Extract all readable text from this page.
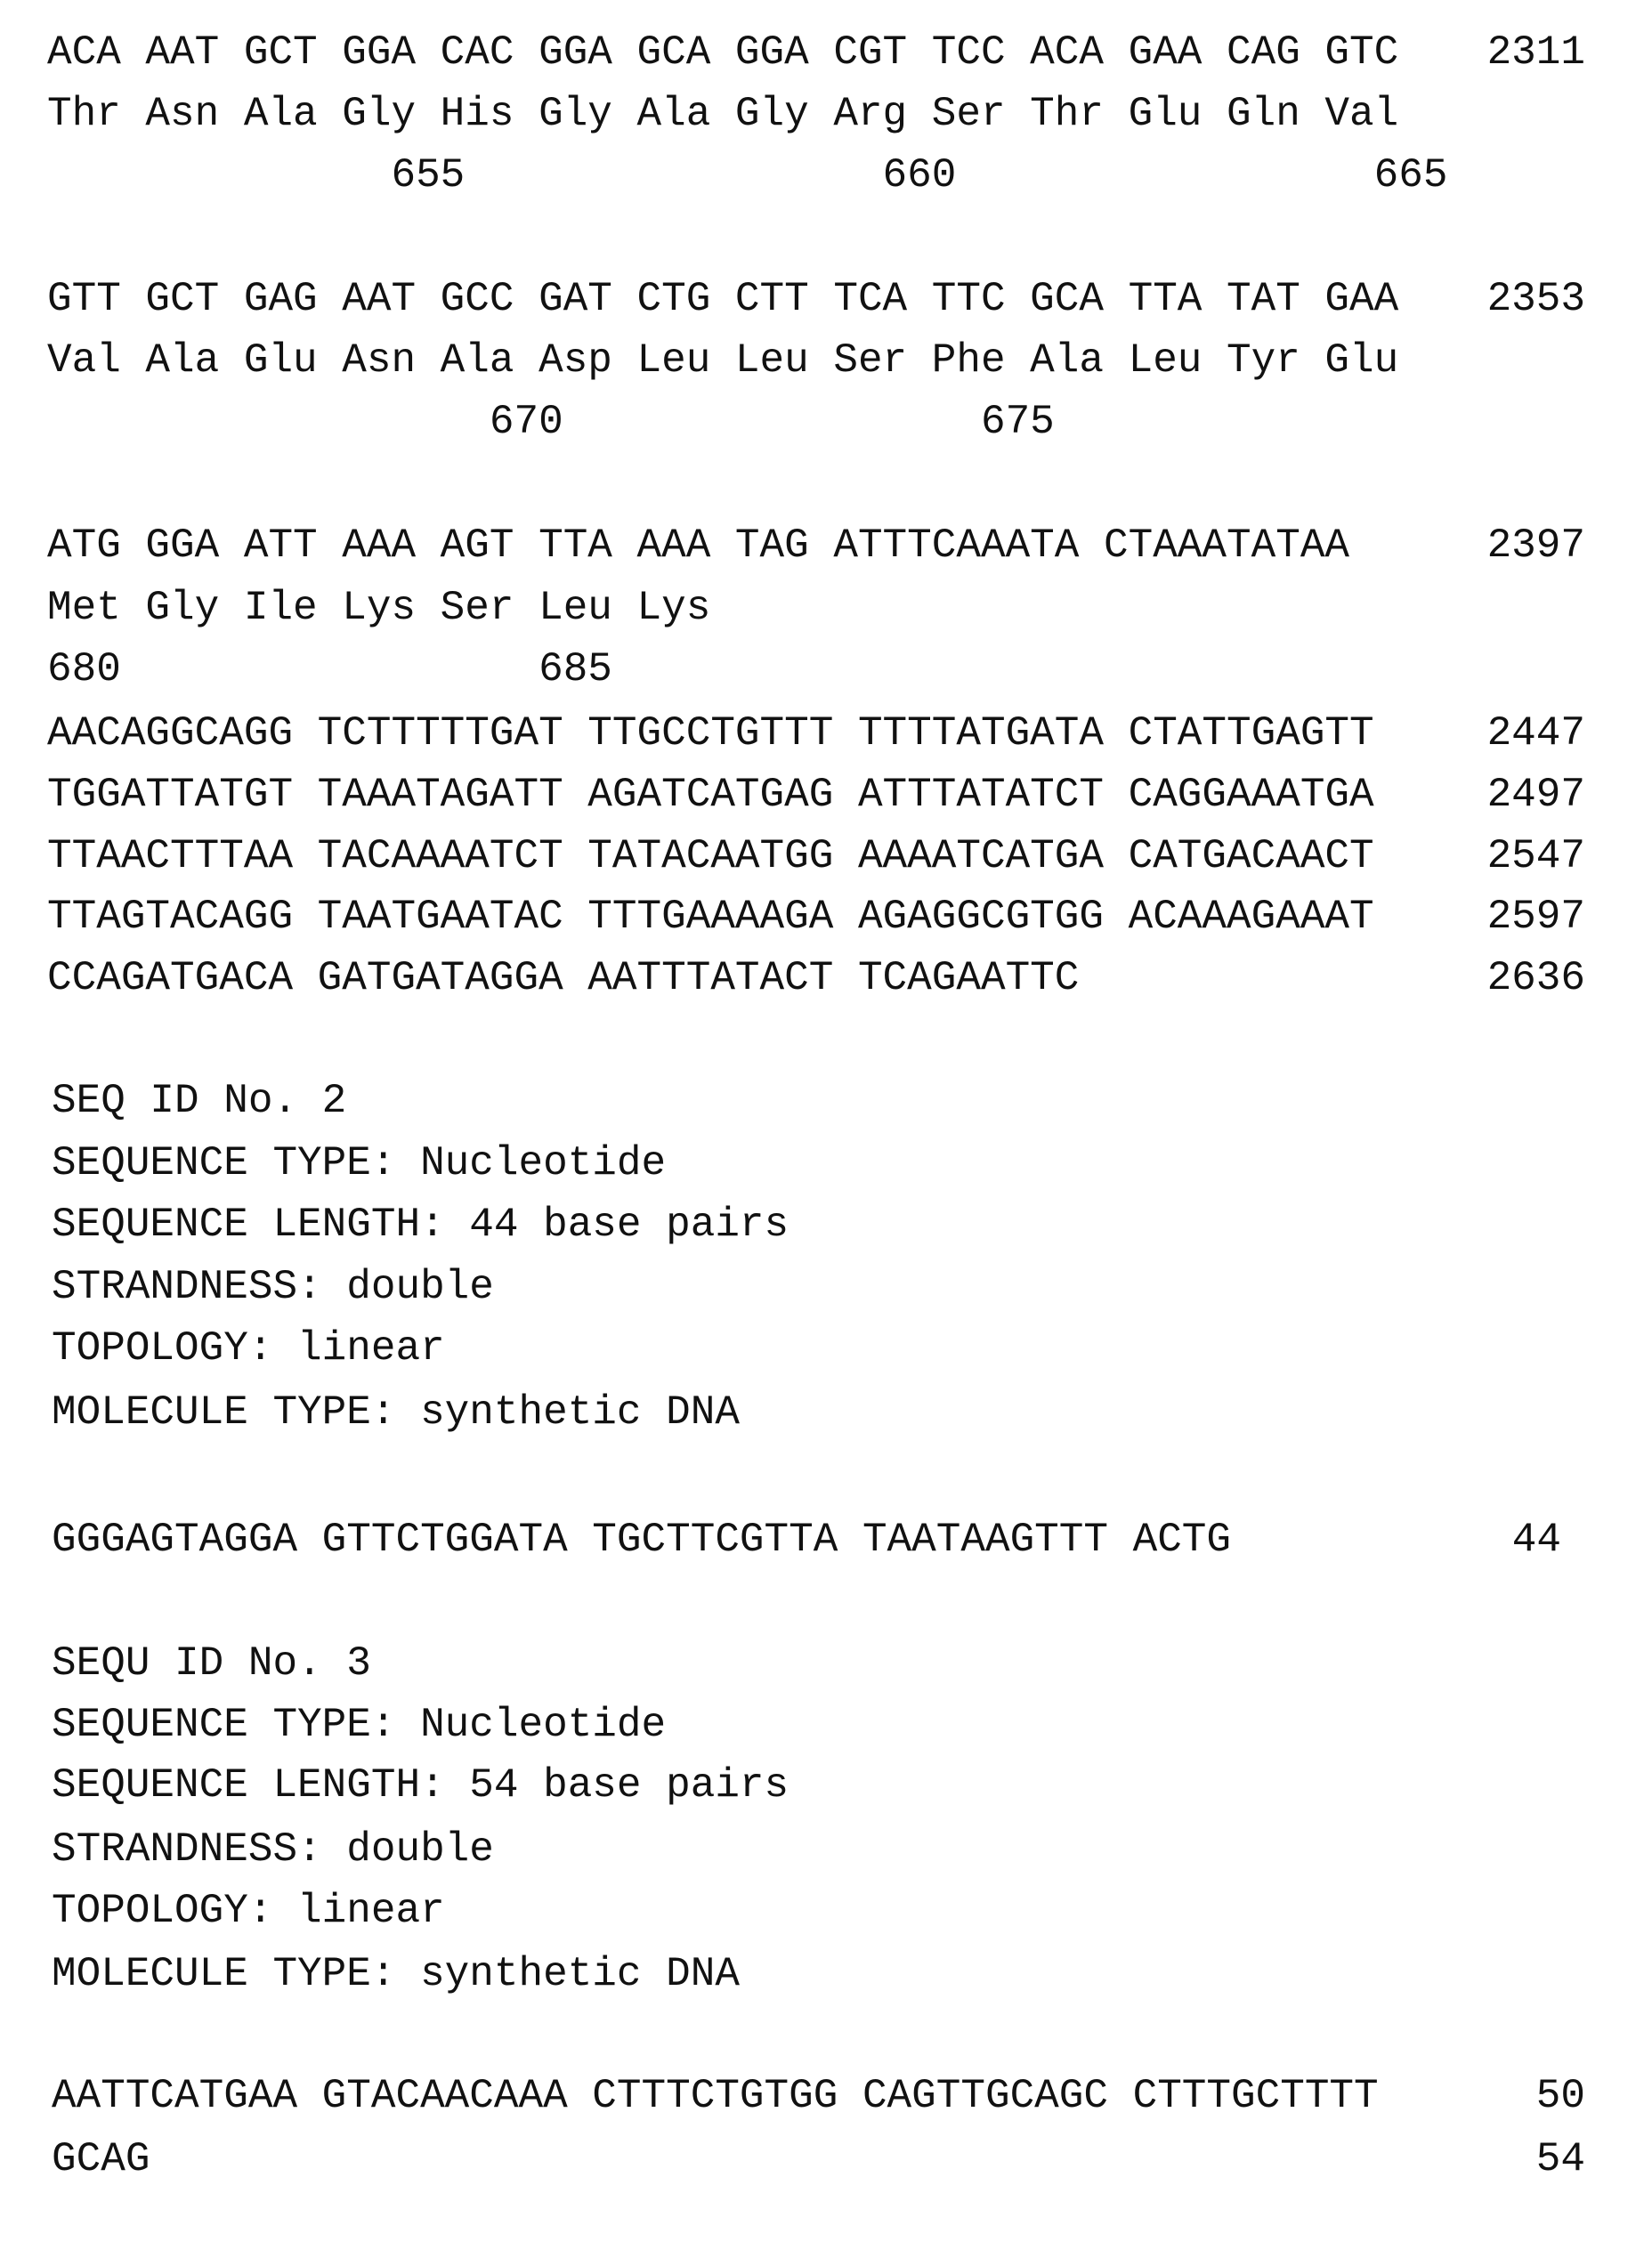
ACA AAT GCT GGA CAC GGA GCA GGA CGT TCC ACA GAA CAG GTC 2311
Thr Asn Ala Gly His Gly Ala Gly Arg Ser Thr Glu Gln Val
655                 660                 665
GTT GCT GAG AAT GCC GAT CTG CTT TCA TTC GCA TTA TAT GAA 2353
Val Ala Glu Asn Ala Asp Leu Leu Ser Phe Ala Leu Tyr Glu
670                 675
ATG GGA ATT AAA AGT TTA AAA TAG ATTTCAAATA CTAAATATAA	2397
Met Gly Ile Lys Ser Leu Lys
680                 685
AACAGGCAGG TCTTTTTGAT TTGCCTGTTT TTTTATGATA CTATTGAGTT	2447
TGGATTATGT TAAATAGATT AGATCATGAG ATTTATATCT CAGGAAATGA	2497
TTAACTTTAA TACAAAATCT TATACAATGG AAAATCATGA CATGACAACT	2547
TTAGTACAGG TAATGAATAC TTTGAAAAGA AGAGGCGTGG ACAAAGAAAT	2597
CCAGATGACA GATGATAGGA AATTTATACT TCAGAATTC	2636
SEQ ID No. 2
SEQUENCE TYPE: Nucleotide
SEQUENCE LENGTH: 44 base pairs
STRANDNESS: double
TOPOLOGY: linear
MOLECULE TYPE: synthetic DNA
GGGAGTAGGA GTTCTGGATA TGCTTCGTTA TAATAAGTTT ACTG	44
SEQU ID No. 3
SEQUENCE TYPE: Nucleotide
SEQUENCE LENGTH: 54 base pairs
STRANDNESS: double
TOPOLOGY: linear
MOLECULE TYPE: synthetic DNA
AATTCATGAA GTACAACAAA CTTTCTGTGG CAGTTGCAGC CTTTGCTTTT	50
GCAG	54
